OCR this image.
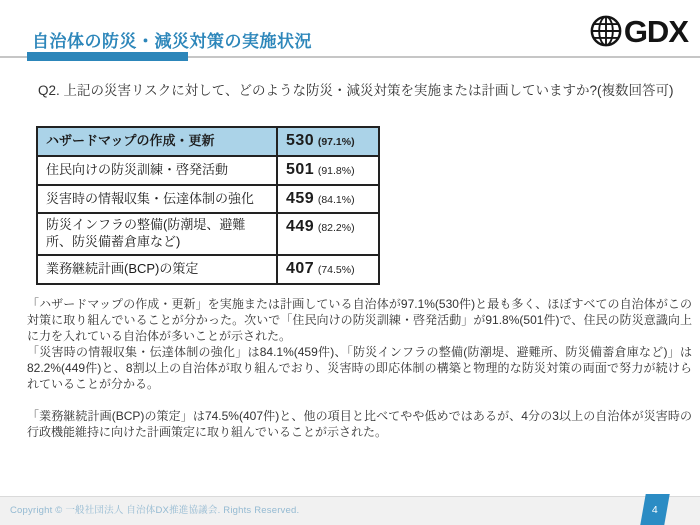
自治体の防災・減災対策の実施状況	GDX
Q2. 上記の災害リスクに対して、どのような防災・減災対策を実施または計画していますか?(複数回答可)
ハザードマップの作成・更新	530 (97.1%)
住民向けの防災訓練・啓発活動	501 (91.8%)
災害時の情報収集・伝達体制の強化	459 (84.1%)
防災インフラの整備(防潮堤、避難所、防災備蓄倉庫など)	449 (82.2%)
業務継続計画(BCP)の策定	407 (74.5%)

「ハザードマップの作成・更新」を実施または計画している自治体が97.1%(530件)と最も多く、ほぼすべての自治体がこの対策に取り組んでいることが分かった。次いで「住民向けの防災訓練・啓発活動」が91.8%(501件)で、住民の防災意識向上に力を入れている自治体が多いことが示された。

「災害時の情報収集・伝達体制の強化」は84.1%(459件)、「防災インフラの整備(防潮堤、避難所、防災備蓄倉庫など)」は82.2%(449件)と、8割以上の自治体が取り組んでおり、災害時の即応体制の構築と物理的な防災対策の両面で努力が続けられていることが分かる。

「業務継続計画(BCP)の策定」は74.5%(407件)と、他の項目と比べてやや低めではあるが、4分の3以上の自治体が災害時の行政機能維持に向けた計画策定に取り組んでいることが示された。

Copyright © 一般社団法人 自治体DX推進協議会. Rights Reserved.	4
